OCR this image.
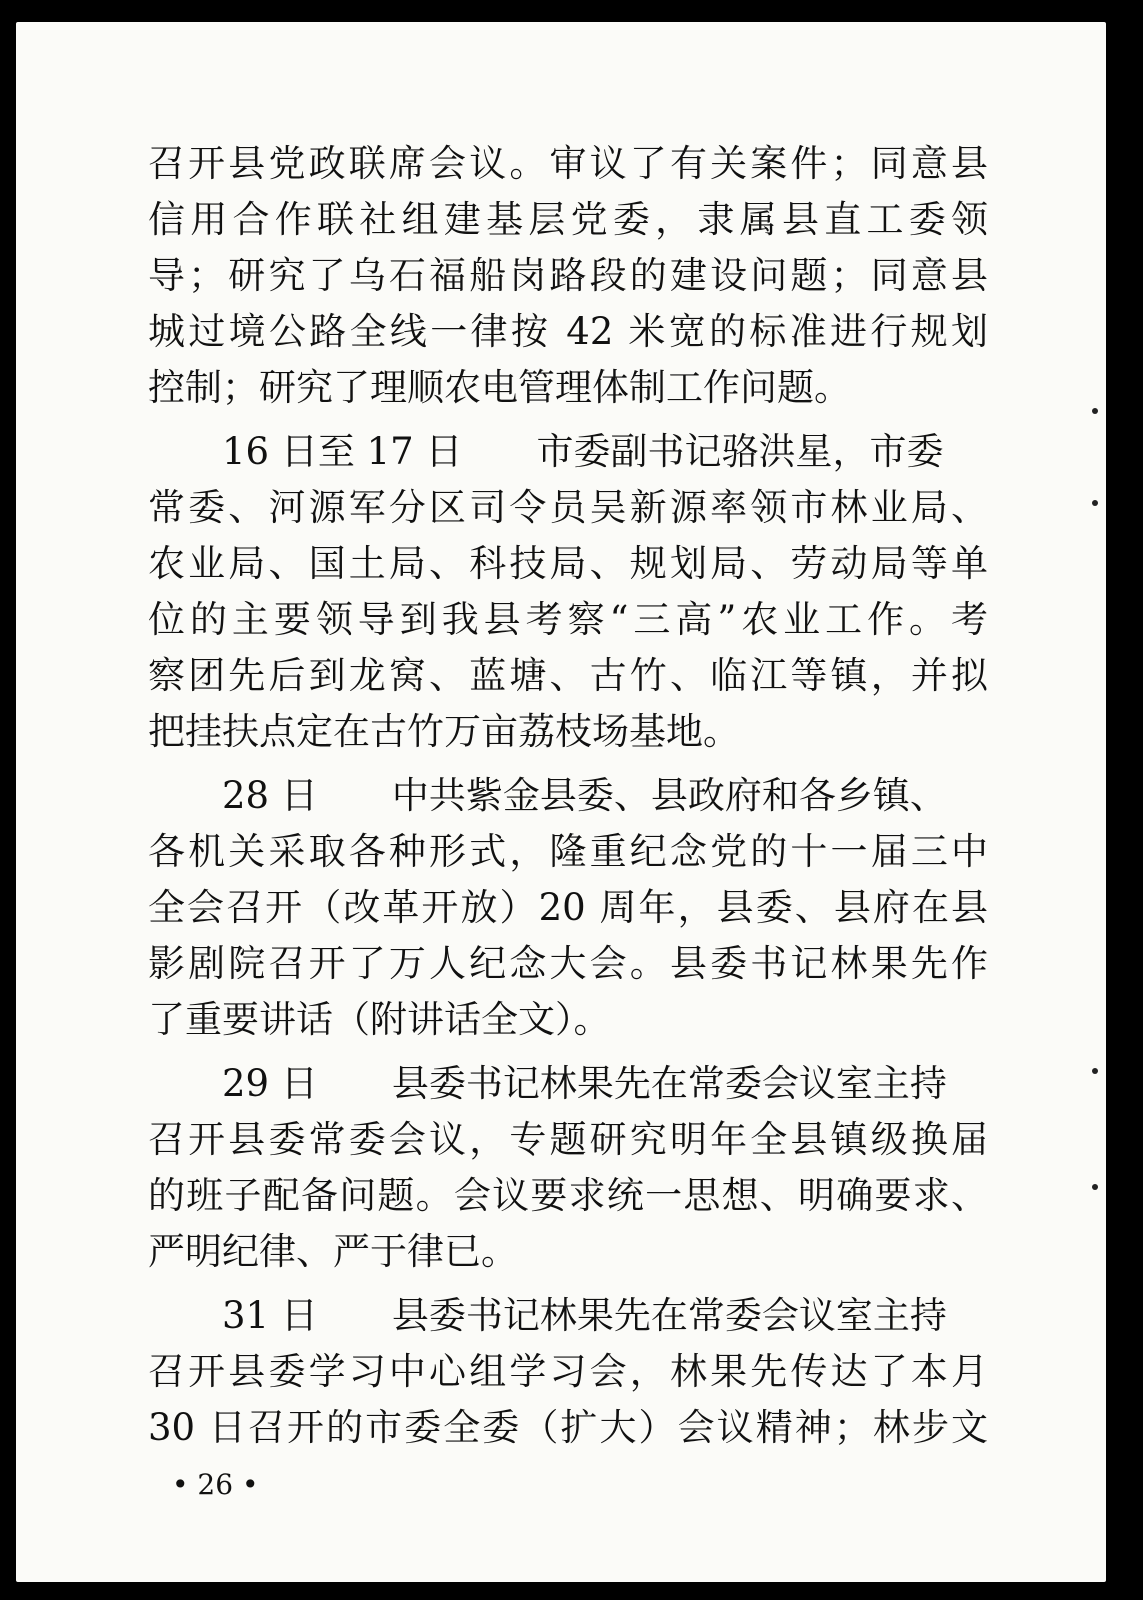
召开县党政联席会议。审议了有关案件；同意县
信用合作联社组建基层党委，隶属县直工委领
导；研究了乌石福船岗路段的建设问题；同意县
城过境公路全线一律按 42 米宽的标准进行规划
控制；研究了理顺农电管理体制工作问题。
16 日至 17 日　　市委副书记骆洪星，市委
常委、河源军分区司令员吴新源率领市林业局、
农业局、国土局、科技局、规划局、劳动局等单
位的主要领导到我县考察“三高”农业工作。考
察团先后到龙窝、蓝塘、古竹、临江等镇，并拟
把挂扶点定在古竹万亩荔枝场基地。
28 日　　中共紫金县委、县政府和各乡镇、
各机关采取各种形式，隆重纪念党的十一届三中
全会召开（改革开放）20 周年，县委、县府在县
影剧院召开了万人纪念大会。县委书记林果先作
了重要讲话（附讲话全文）。
29 日　　县委书记林果先在常委会议室主持
召开县委常委会议，专题研究明年全县镇级换届
的班子配备问题。会议要求统一思想、明确要求、
严明纪律、严于律已。
31 日　　县委书记林果先在常委会议室主持
召开县委学习中心组学习会，林果先传达了本月
30 日召开的市委全委（扩大）会议精神；林步文
• 26 •
